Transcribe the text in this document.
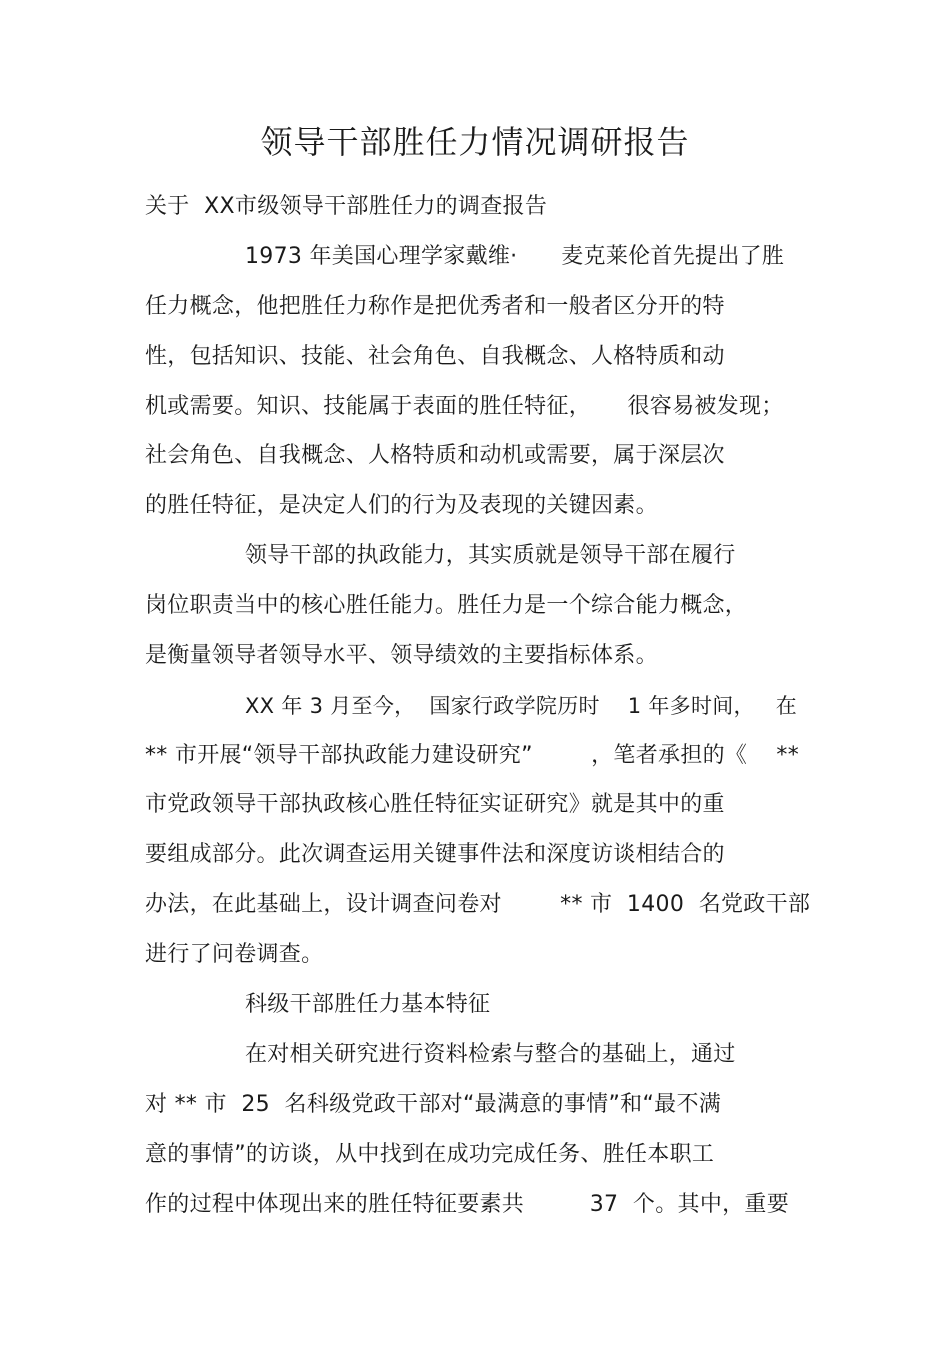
领导干部胜任力情况调研报告
关于  XX市级领导干部胜任力的调查报告
1973 年美国心理学家戴维·      麦克莱伦首先提出了胜
任力概念，他把胜任力称作是把优秀者和一般者区分开的特
性，包括知识、技能、社会角色、自我概念、人格特质和动
机或需要。知识、技能属于表面的胜任特征，     很容易被发现；
社会角色、自我概念、人格特质和动机或需要，属于深层次
的胜任特征，是决定人们的行为及表现的关键因素。
领导干部的执政能力，其实质就是领导干部在履行
岗位职责当中的核心胜任能力。胜任力是一个综合能力概念，
是衡量领导者领导水平、领导绩效的主要指标体系。
XX 年 3 月至今，  国家行政学院历时    1 年多时间，   在
** 市开展“领导干部执政能力建设研究”        ，笔者承担的《    **
市党政领导干部执政核心胜任特征实证研究》就是其中的重
要组成部分。此次调查运用关键事件法和深度访谈相结合的
办法，在此基础上，设计调查问卷对        ** 市  1400  名党政干部
进行了问卷调查。
科级干部胜任力基本特征
在对相关研究进行资料检索与整合的基础上，通过
对 ** 市  25  名科级党政干部对“最满意的事情”和“最不满
意的事情”的访谈，从中找到在成功完成任务、胜任本职工
作的过程中体现出来的胜任特征要素共         37  个。其中，重要
